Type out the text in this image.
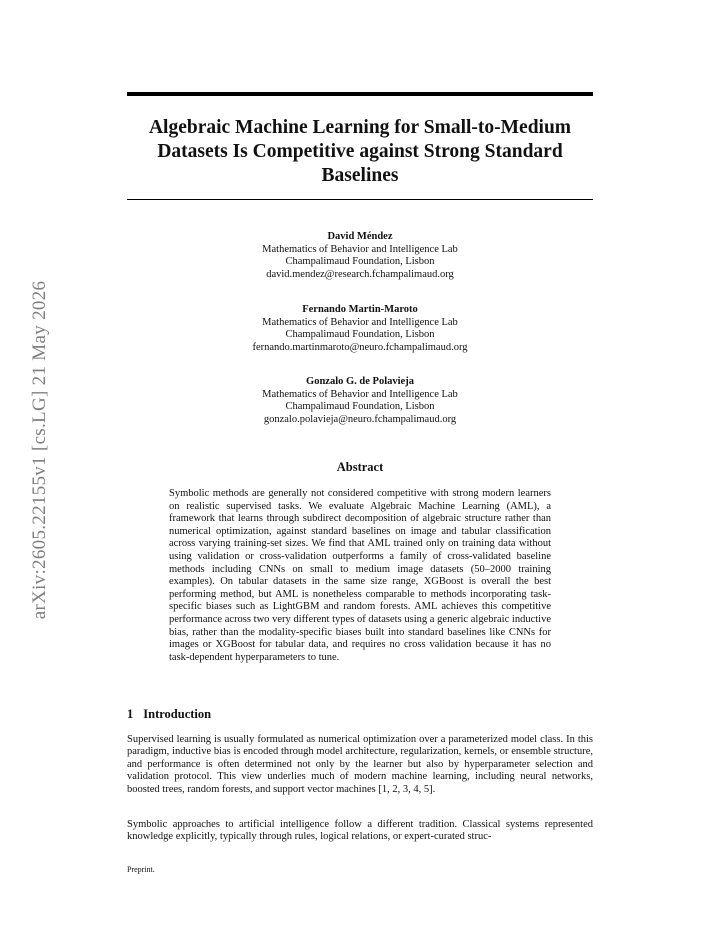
arXiv:2605.22155v1 [cs.LG] 21 May 2026
Algebraic Machine Learning for Small-to-Medium
Datasets Is Competitive against Strong Standard
Baselines
David Méndez
Mathematics of Behavior and Intelligence Lab
Champalimaud Foundation, Lisbon
david.mendez@research.fchampalimaud.org
Fernando Martin-Maroto
Mathematics of Behavior and Intelligence Lab
Champalimaud Foundation, Lisbon
fernando.martinmaroto@neuro.fchampalimaud.org
Gonzalo G. de Polavieja
Mathematics of Behavior and Intelligence Lab
Champalimaud Foundation, Lisbon
gonzalo.polavieja@neuro.fchampalimaud.org
Abstract

Symbolic methods are generally not considered competitive with strong modern learners on realistic supervised tasks. We evaluate Algebraic Machine Learning (AML), a framework that learns through subdirect decomposition of algebraic structure rather than numerical optimization, against standard baselines on image and tabular classification across varying training-set sizes. We find that AML trained only on training data without using validation or cross-validation outperforms a family of cross-validated baseline methods including CNNs on small to medium image datasets (50–2000 training examples). On tabular datasets in the same size range, XGBoost is overall the best performing method, but AML is nonetheless comparable to methods incorporating task-specific biases such as LightGBM and random forests. AML achieves this competitive performance across two very different types of datasets using a generic algebraic inductive bias, rather than the modality-specific biases built into standard baselines like CNNs for images or XGBoost for tabular data, and requires no cross validation because it has no task-dependent hyperparameters to tune.

1 Introduction

Supervised learning is usually formulated as numerical optimization over a parameterized model class. In this paradigm, inductive bias is encoded through model architecture, regularization, kernels, or ensemble structure, and performance is often determined not only by the learner but also by hyperparameter selection and validation protocol. This view underlies much of modern machine learning, including neural networks, boosted trees, random forests, and support vector machines [1, 2, 3, 4, 5].

Symbolic approaches to artificial intelligence follow a different tradition. Classical systems represented knowledge explicitly, typically through rules, logical relations, or expert-curated struc-

Preprint.
